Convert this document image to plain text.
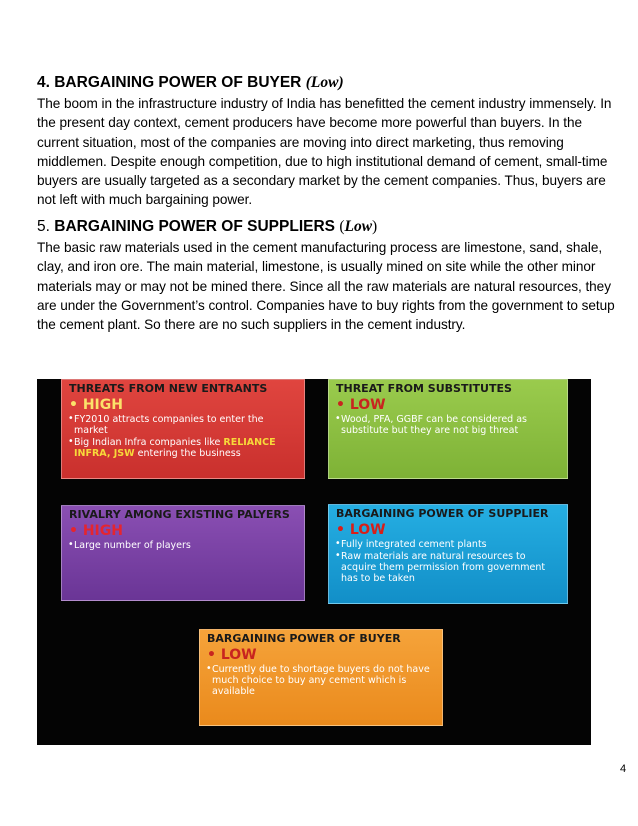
4. BARGAINING POWER OF BUYER (Low)

The boom in the infrastructure industry of India has benefitted the cement industry immensely. In the present day context, cement producers have become more powerful than buyers. In the current situation, most of the companies are moving into direct marketing, thus removing middlemen. Despite enough competition, due to high institutional demand of cement, small-time buyers are usually targeted as a secondary market by the cement companies. Thus, buyers are not left with much bargaining power.

5. BARGAINING POWER OF SUPPLIERS (Low)

The basic raw materials used in the cement manufacturing process are limestone, sand, shale, clay, and iron ore. The main material, limestone, is usually mined on site while the other minor materials may or may not be mined there. Since all the raw materials are natural resources, they are under the Government’s control. Companies have to buy rights from the government to setup the cement plant. So there are no such suppliers in the cement industry.

THREATS FROM NEW ENTRANTS
• HIGH
• FY2010 attracts companies to enter the market
• Big Indian Infra companies like RELIANCE INFRA, JSW entering the business
THREAT FROM SUBSTITUTES
• LOW
• Wood, PFA, GGBF can be considered as substitute but they are not big threat
RIVALRY AMONG EXISTING PALYERS
• HIGH
• Large number of players
BARGAINING POWER OF SUPPLIER
• LOW
• Fully integrated cement plants
• Raw materials are natural resources to acquire them permission from government has to be taken
BARGAINING POWER OF BUYER
• LOW
• Currently due to shortage buyers do not have much choice to buy any cement which is available
4
